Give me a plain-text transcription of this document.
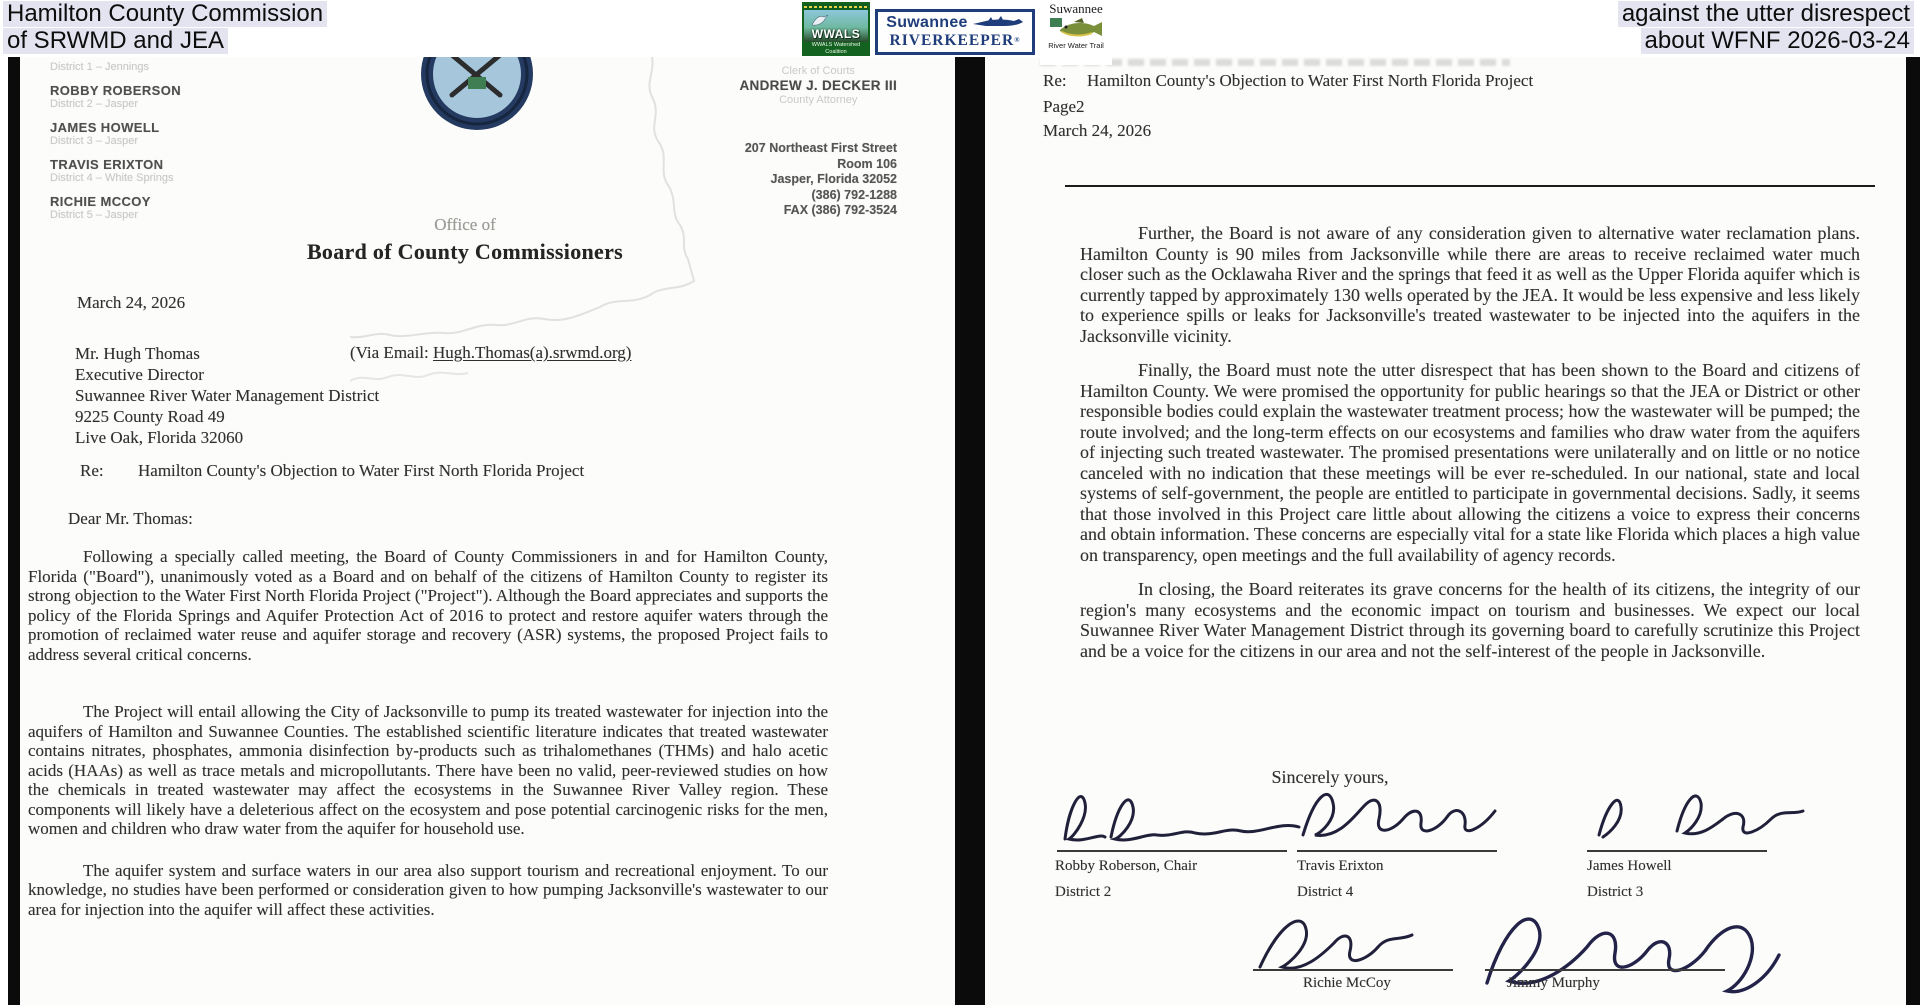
Hamilton County Commission
of SRWMD and JEA
against the utter disrespect
about WFNF 2026-03-24
WWALS
WWALS Watershed Coalition
Suwannee
RIVERKEEPER®
Suwannee
River Water Trail
District 1 – Jennings
ROBBY ROBERSON
District 2 – Jasper
JAMES HOWELL
District 3 – Jasper
TRAVIS ERIXTON
District 4 – White Springs
RICHIE MCCOY
District 5 – Jasper
Clerk of Courts
ANDREW J. DECKER III
County Attorney
207 Northeast First Street
Room 106
Jasper, Florida 32052
(386) 792-1288
FAX (386) 792-3524
Office of
Board of County Commissioners
March 24, 2026
Mr. Hugh Thomas
Executive Director
Suwannee River Water Management District
9225 County Road 49
Live Oak, Florida 32060
(Via Email: Hugh.Thomas(a).srwmd.org)
Re: Hamilton County's Objection to Water First North Florida Project
Dear Mr. Thomas:

Following a specially called meeting, the Board of County Commissioners in and for Hamilton County, Florida ("Board"), unanimously voted as a Board and on behalf of the citizens of Hamilton County to register its strong objection to the Water First North Florida Project ("Project"). Although the Board appreciates and supports the policy of the Florida Springs and Aquifer Protection Act of 2016 to protect and restore aquifer waters through the promotion of reclaimed water reuse and aquifer storage and recovery (ASR) systems, the proposed Project fails to address several critical concerns.

The Project will entail allowing the City of Jacksonville to pump its treated wastewater for injection into the aquifers of Hamilton and Suwannee Counties. The established scientific literature indicates that treated wastewater contains nitrates, phosphates, ammonia disinfection by-products such as trihalomethanes (THMs) and halo acetic acids (HAAs) as well as trace metals and micropollutants. There have been no valid, peer-reviewed studies on how the chemicals in treated wastewater may affect the ecosystems in the Suwannee River Valley region. These components will likely have a deleterious affect on the ecosystem and pose potential carcinogenic risks for the men, women and children who draw water from the aquifer for household use.

The aquifer system and surface waters in our area also support tourism and recreational enjoyment. To our knowledge, no studies have been performed or consideration given to how pumping Jacksonville's wastewater to our area for injection into the aquifer will affect these activities.

Re: Hamilton County's Objection to Water First North Florida Project
Page2
March 24, 2026

Further, the Board is not aware of any consideration given to alternative water reclamation plans. Hamilton County is 90 miles from Jacksonville while there are areas to receive reclaimed water much closer such as the Ocklawaha River and the springs that feed it as well as the Upper Florida aquifer which is currently tapped by approximately 130 wells operated by the JEA. It would be less expensive and less likely to experience spills or leaks for Jacksonville's treated wastewater to be injected into the aquifers in the Jacksonville vicinity.

Finally, the Board must note the utter disrespect that has been shown to the Board and citizens of Hamilton County. We were promised the opportunity for public hearings so that the JEA or District or other responsible bodies could explain the wastewater treatment process; how the wastewater will be pumped; the route involved; and the long-term effects on our ecosystems and families who draw water from the aquifers of injecting such treated wastewater. The promised presentations were unilaterally and on little or no notice canceled with no indication that these meetings will be ever re-scheduled. In our national, state and local systems of self-government, the people are entitled to participate in governmental decisions. Sadly, it seems that those involved in this Project care little about allowing the citizens a voice to express their concerns and obtain information. These concerns are especially vital for a state like Florida which places a high value on transparency, open meetings and the full availability of agency records.

In closing, the Board reiterates its grave concerns for the health of its citizens, the integrity of our region's many ecosystems and the economic impact on tourism and businesses. We expect our local Suwannee River Water Management District through its governing board to carefully scrutinize this Project and be a voice for the citizens in our area and not the self-interest of the people in Jacksonville.

Sincerely yours,
Robby Roberson, Chair
District 2
Travis Erixton
District 4
James Howell
District 3
Richie McCoy	Jimmy Murphy
